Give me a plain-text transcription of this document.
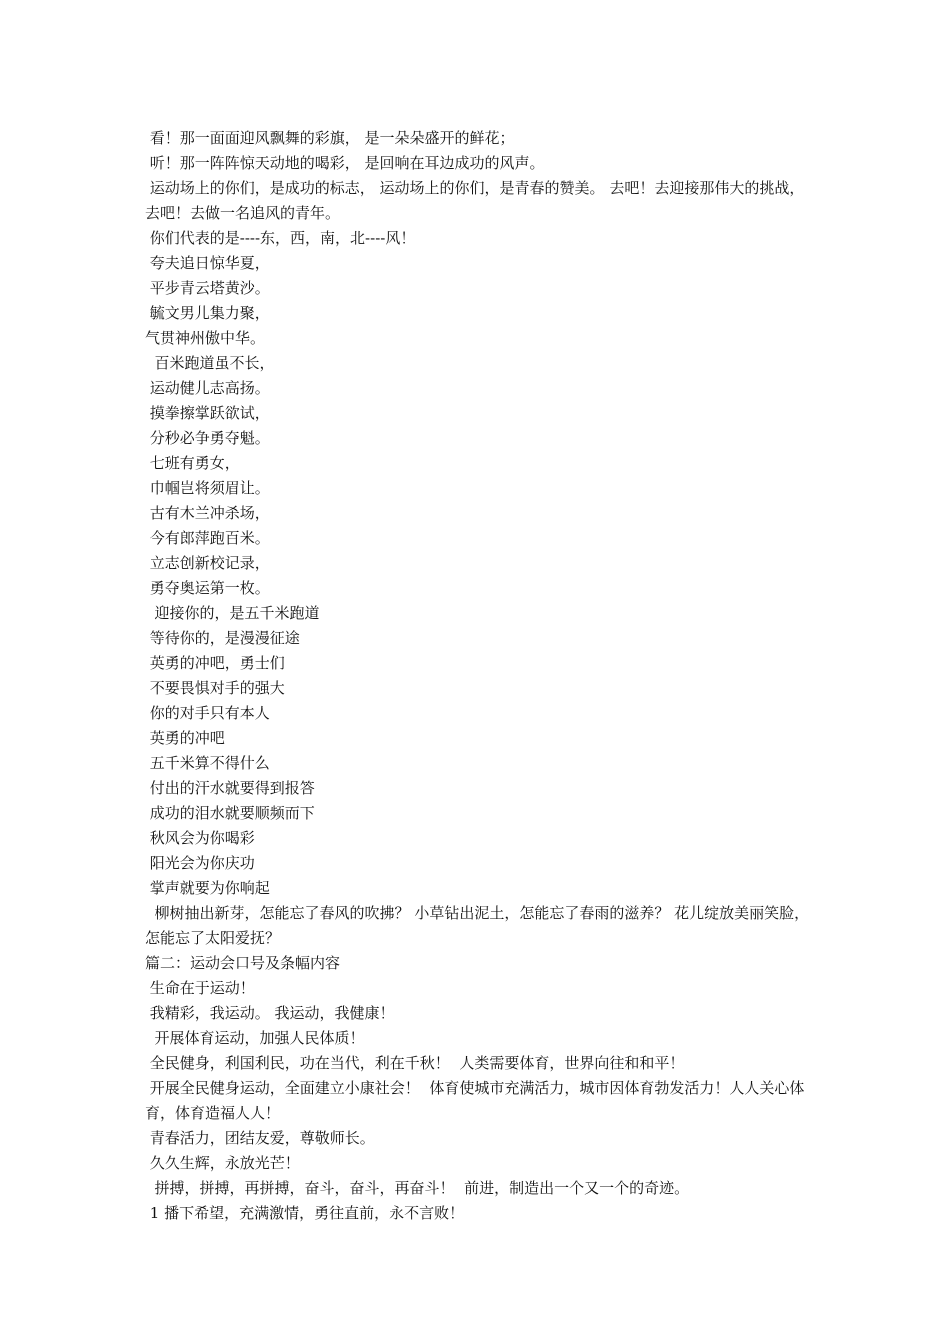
看！那一面面迎风飘舞的彩旗， 是一朵朵盛开的鲜花；

听！那一阵阵惊天动地的喝彩， 是回响在耳边成功的风声。

运动场上的你们，是成功的标志， 运动场上的你们，是青春的赞美。 去吧！去迎接那伟大的挑战， 去吧！去做一名追风的青年。

你们代表的是----东，西，南，北----风！

夸夫追日惊华夏，

平步青云塔黄沙。

毓文男儿集力聚，

气贯神州傲中华。

百米跑道虽不长，

运动健儿志高扬。

摸拳擦掌跃欲试，

分秒必争勇夺魁。

七班有勇女，

巾帼岂将须眉让。

古有木兰冲杀场，

今有郎萍跑百米。

立志创新校记录，

勇夺奥运第一枚。

迎接你的，是五千米跑道

等待你的，是漫漫征途

英勇的冲吧，勇士们

不要畏惧对手的强大

你的对手只有本人

英勇的冲吧

五千米算不得什么

付出的汗水就要得到报答

成功的泪水就要顺频而下

秋风会为你喝彩

阳光会为你庆功

掌声就要为你响起

柳树抽出新芽，怎能忘了春风的吹拂？ 小草钻出泥土，怎能忘了春雨的滋养？ 花儿绽放美丽笑脸，怎能忘了太阳爱抚？

篇二：运动会口号及条幅内容

生命在于运动！

我精彩，我运动。 我运动，我健康！

开展体育运动，加强人民体质！

全民健身，利国利民，功在当代，利在千秋！  人类需要体育，世界向往和和平！

开展全民健身运动，全面建立小康社会！  体育使城市充满活力，城市因体育勃发活力！人人关心体育，体育造福人人！

青春活力，团结友爱，尊敬师长。

久久生辉，永放光芒！

拼搏，拼搏，再拼搏，奋斗，奋斗，再奋斗！  前进，制造出一个又一个的奇迹。

1 播下希望，充满激情，勇往直前，永不言败！
